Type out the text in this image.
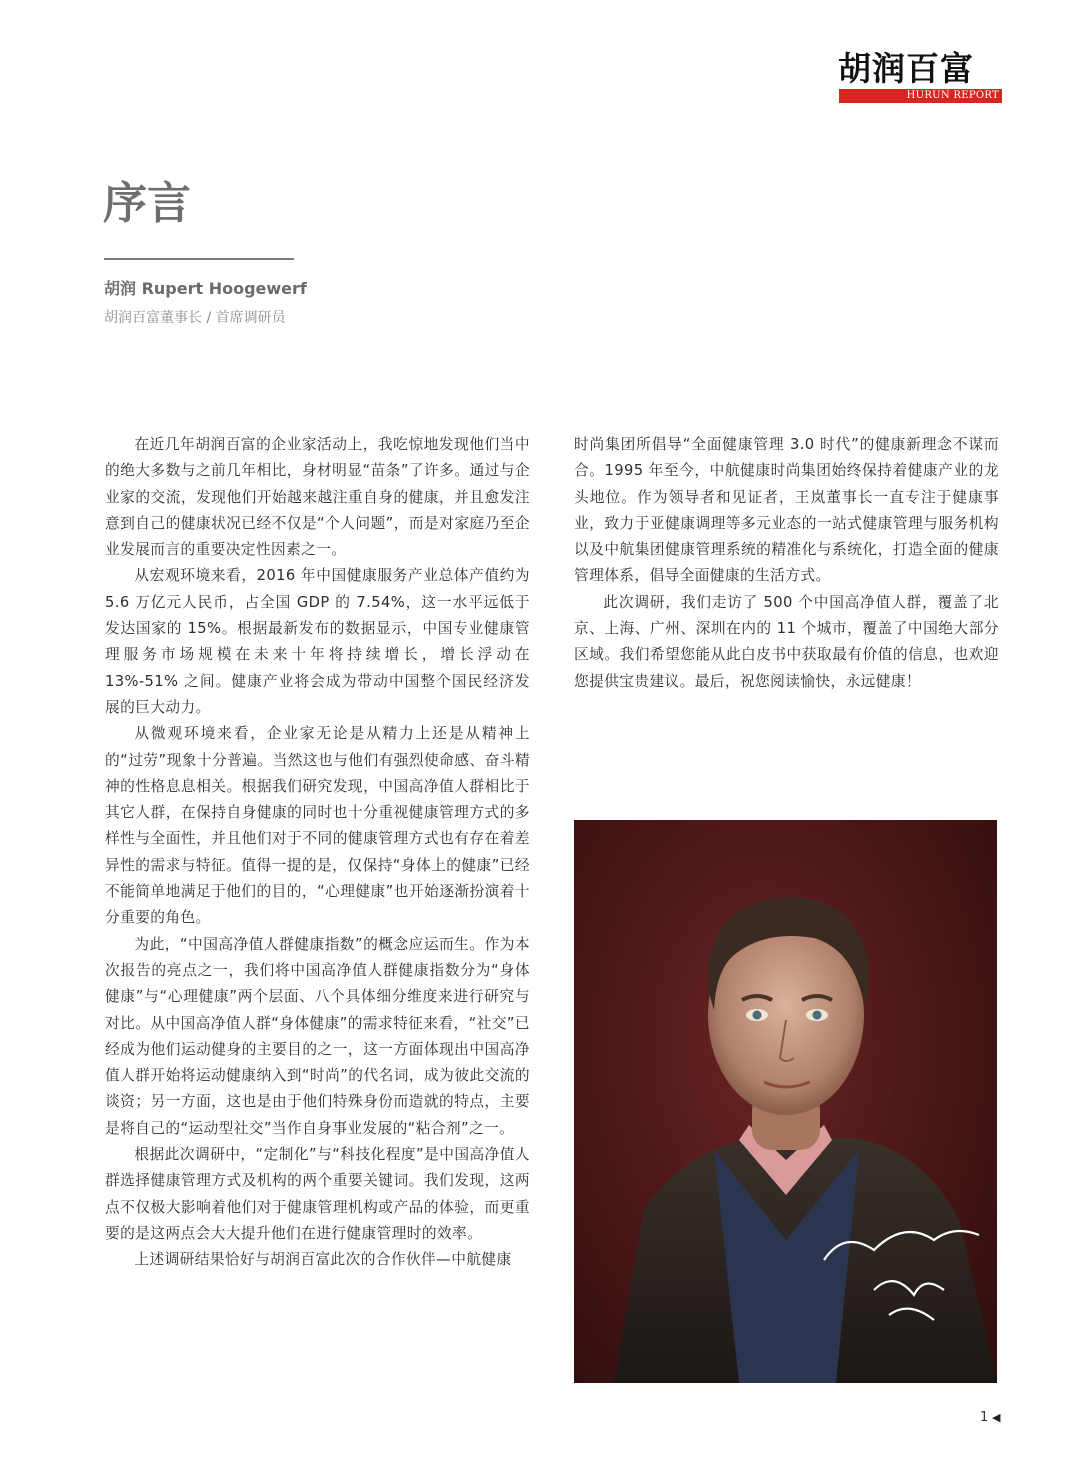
胡润百富
HURUN REPORT
序言
胡润 Rupert Hoogewerf
胡润百富董事长 / 首席调研员

在近几年胡润百富的企业家活动上，我吃惊地发现他们当中的绝大多数与之前几年相比，身材明显“苗条”了许多。通过与企业家的交流，发现他们开始越来越注重自身的健康，并且愈发注意到自己的健康状况已经不仅是“个人问题”，而是对家庭乃至企业发展而言的重要决定性因素之一。

从宏观环境来看，2016 年中国健康服务产业总体产值约为 5.6 万亿元人民币，占全国 GDP 的 7.54%，这一水平远低于发达国家的 15%。根据最新发布的数据显示，中国专业健康管理服务市场规模在未来十年将持续增长，增长浮动在 13%-51% 之间。健康产业将会成为带动中国整个国民经济发展的巨大动力。

从微观环境来看，企业家无论是从精力上还是从精神上的“过劳”现象十分普遍。当然这也与他们有强烈使命感、奋斗精神的性格息息相关。根据我们研究发现，中国高净值人群相比于其它人群，在保持自身健康的同时也十分重视健康管理方式的多样性与全面性，并且他们对于不同的健康管理方式也有存在着差异性的需求与特征。值得一提的是，仅保持“身体上的健康”已经不能简单地满足于他们的目的，“心理健康”也开始逐渐扮演着十分重要的角色。

为此，“中国高净值人群健康指数”的概念应运而生。作为本次报告的亮点之一，我们将中国高净值人群健康指数分为“身体健康”与“心理健康”两个层面、八个具体细分维度来进行研究与对比。从中国高净值人群“身体健康”的需求特征来看，“社交”已经成为他们运动健身的主要目的之一，这一方面体现出中国高净值人群开始将运动健康纳入到“时尚”的代名词，成为彼此交流的谈资；另一方面，这也是由于他们特殊身份而造就的特点，主要是将自己的“运动型社交”当作自身事业发展的“粘合剂”之一。

根据此次调研中，“定制化”与“科技化程度”是中国高净值人群选择健康管理方式及机构的两个重要关键词。我们发现，这两点不仅极大影响着他们对于健康管理机构或产品的体验，而更重要的是这两点会大大提升他们在进行健康管理时的效率。

上述调研结果恰好与胡润百富此次的合作伙伴—中航健康

时尚集团所倡导“全面健康管理 3.0 时代”的健康新理念不谋而合。1995 年至今，中航健康时尚集团始终保持着健康产业的龙头地位。作为领导者和见证者，王岚董事长一直专注于健康事业，致力于亚健康调理等多元业态的一站式健康管理与服务机构以及中航集团健康管理系统的精准化与系统化，打造全面的健康管理体系，倡导全面健康的生活方式。

此次调研，我们走访了 500 个中国高净值人群，覆盖了北京、上海、广州、深圳在内的 11 个城市，覆盖了中国绝大部分区域。我们希望您能从此白皮书中获取最有价值的信息，也欢迎您提供宝贵建议。最后，祝您阅读愉快，永远健康！

1 ◀
